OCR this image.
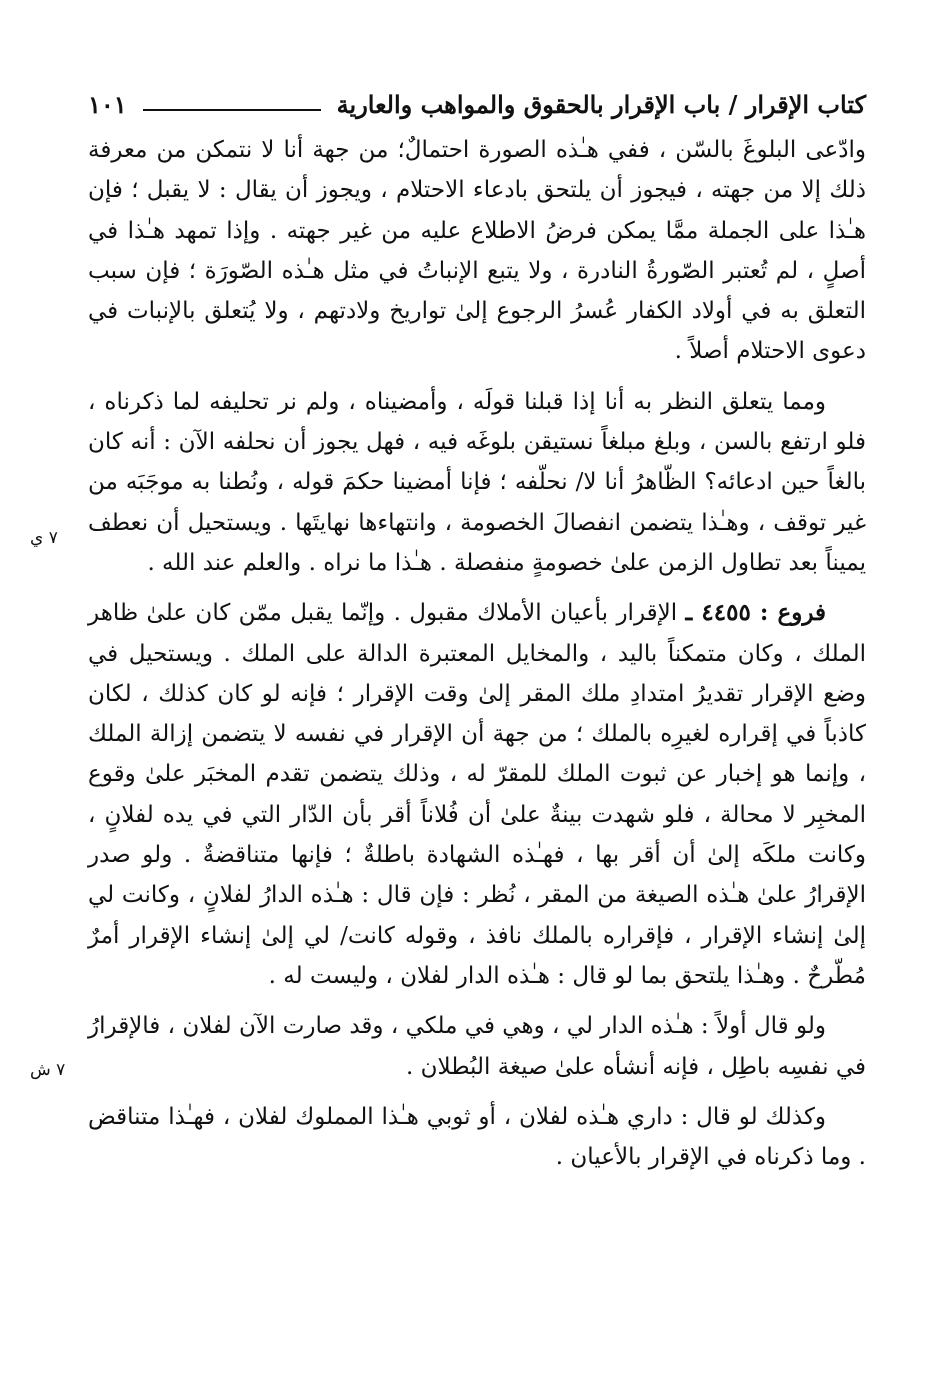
كتاب الإقرار / باب الإقرار بالحقوق والمواهب والعارية
١٠١

وادّعى البلوغَ بالسّن ، ففي هـٰذه الصورة احتمالٌ؛ من جهة أنا لا نتمكن من معرفة ذلك إلا من جهته ، فيجوز أن يلتحق بادعاء الاحتلام ، ويجوز أن يقال : لا يقبل ؛ فإن هـٰذا على الجملة ممَّا يمكن فرضُ الاطلاع عليه من غير جهته . وإذا تمهد هـٰذا في أصلٍ ، لم تُعتبر الصّورةُ النادرة ، ولا يتبع الإنباتُ في مثل هـٰذه الصّورَة ؛ فإن سبب التعلق به في أولاد الكفار عُسرُ الرجوع إلىٰ تواريخ ولادتهم ، ولا يُتعلق بالإنبات في دعوى الاحتلام أصلاً .

ومما يتعلق النظر به أنا إذا قبلنا قولَه ، وأمضيناه ، ولم نر تحليفه لما ذكرناه ، فلو ارتفع بالسن ، وبلغ مبلغاً نستيقن بلوغَه فيه ، فهل يجوز أن نحلفه الآن : أنه كان بالغاً حين ادعائه؟ الظّاهرُ أنا لا/ نحلّفه ؛ فإنا أمضينا حكمَ قوله ، ونُطنا به موجَبَه من غير توقف ، وهـٰذا يتضمن انفصالَ الخصومة ، وانتهاءها نهايتَها . ويستحيل أن نعطف يميناً بعد تطاول الزمن علىٰ خصومةٍ منفصلة . هـٰذا ما نراه . والعلم عند الله .

فروع : ٤٤٥٥ ـ الإقرار بأعيان الأملاك مقبول . وإنّما يقبل ممّن كان علىٰ ظاهر الملك ، وكان متمكناً باليد ، والمخايل المعتبرة الدالة على الملك . ويستحيل في وضع الإقرار تقديرُ امتدادِ ملك المقر إلىٰ وقت الإقرار ؛ فإنه لو كان كذلك ، لكان كاذباً في إقراره لغيرِه بالملك ؛ من جهة أن الإقرار في نفسه لا يتضمن إزالة الملك ، وإنما هو إخبار عن ثبوت الملك للمقرّ له ، وذلك يتضمن تقدم المخبَر علىٰ وقوع المخبِر لا محالة ، فلو شهدت بينةٌ علىٰ أن فُلاناً أقر بأن الدّار التي في يده لفلانٍ ، وكانت ملكَه إلىٰ أن أقر بها ، فهـٰذه الشهادة باطلةٌ ؛ فإنها متناقضةٌ . ولو صدر الإقرارُ علىٰ هـٰذه الصيغة من المقر ، نُظر : فإن قال : هـٰذه الدارُ لفلانٍ ، وكانت لي إلىٰ إنشاء الإقرار ، فإقراره بالملك نافذ ، وقوله كانت/ لي إلىٰ إنشاء الإقرار أمرٌ مُطّرحٌ . وهـٰذا يلتحق بما لو قال : هـٰذه الدار لفلان ، وليست له .

ولو قال أولاً : هـٰذه الدار لي ، وهي في ملكي ، وقد صارت الآن لفلان ، فالإقرارُ في نفسِه باطِل ، فإنه أنشأه علىٰ صيغة البُطلان .

وكذلك لو قال : داري هـٰذه لفلان ، أو ثوبي هـٰذا المملوك لفلان ، فهـٰذا متناقض . وما ذكرناه في الإقرار بالأعيان .

٧ ي
٧ ش
